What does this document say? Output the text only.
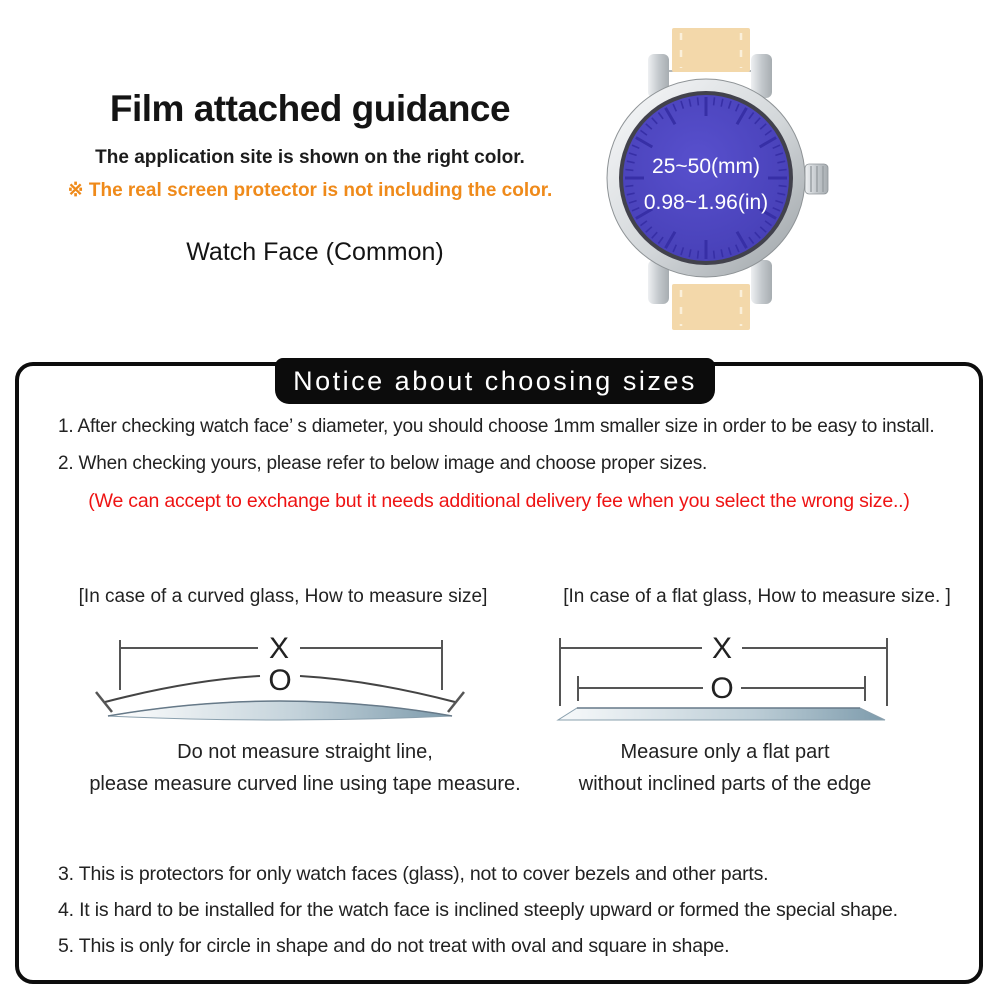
Film attached guidance
The application site is shown on the right color.
※ The real screen protector is not including the color.
Watch Face (Common)
25~50(mm)
0.98~1.96(in)
Notice about choosing sizes
1. After checking watch face’ s diameter, you should choose 1mm smaller size in order to be easy to install.
2. When checking yours, please refer to below image and choose proper sizes.
(We can accept to exchange but it needs additional delivery fee when you select the wrong size..)
[In case of a curved glass, How to measure size]	[In case of a flat glass, How to measure size. ]
X
O
X
O
Do not measure straight line,
please measure curved line using tape measure.
Measure only a flat part
without inclined parts of the edge
3. This is protectors for only watch faces (glass), not to cover bezels and other parts.
4. It is hard to be installed for the watch face is inclined steeply upward or formed the special shape.
5. This is only for circle in shape and do not treat with oval and square in shape.
